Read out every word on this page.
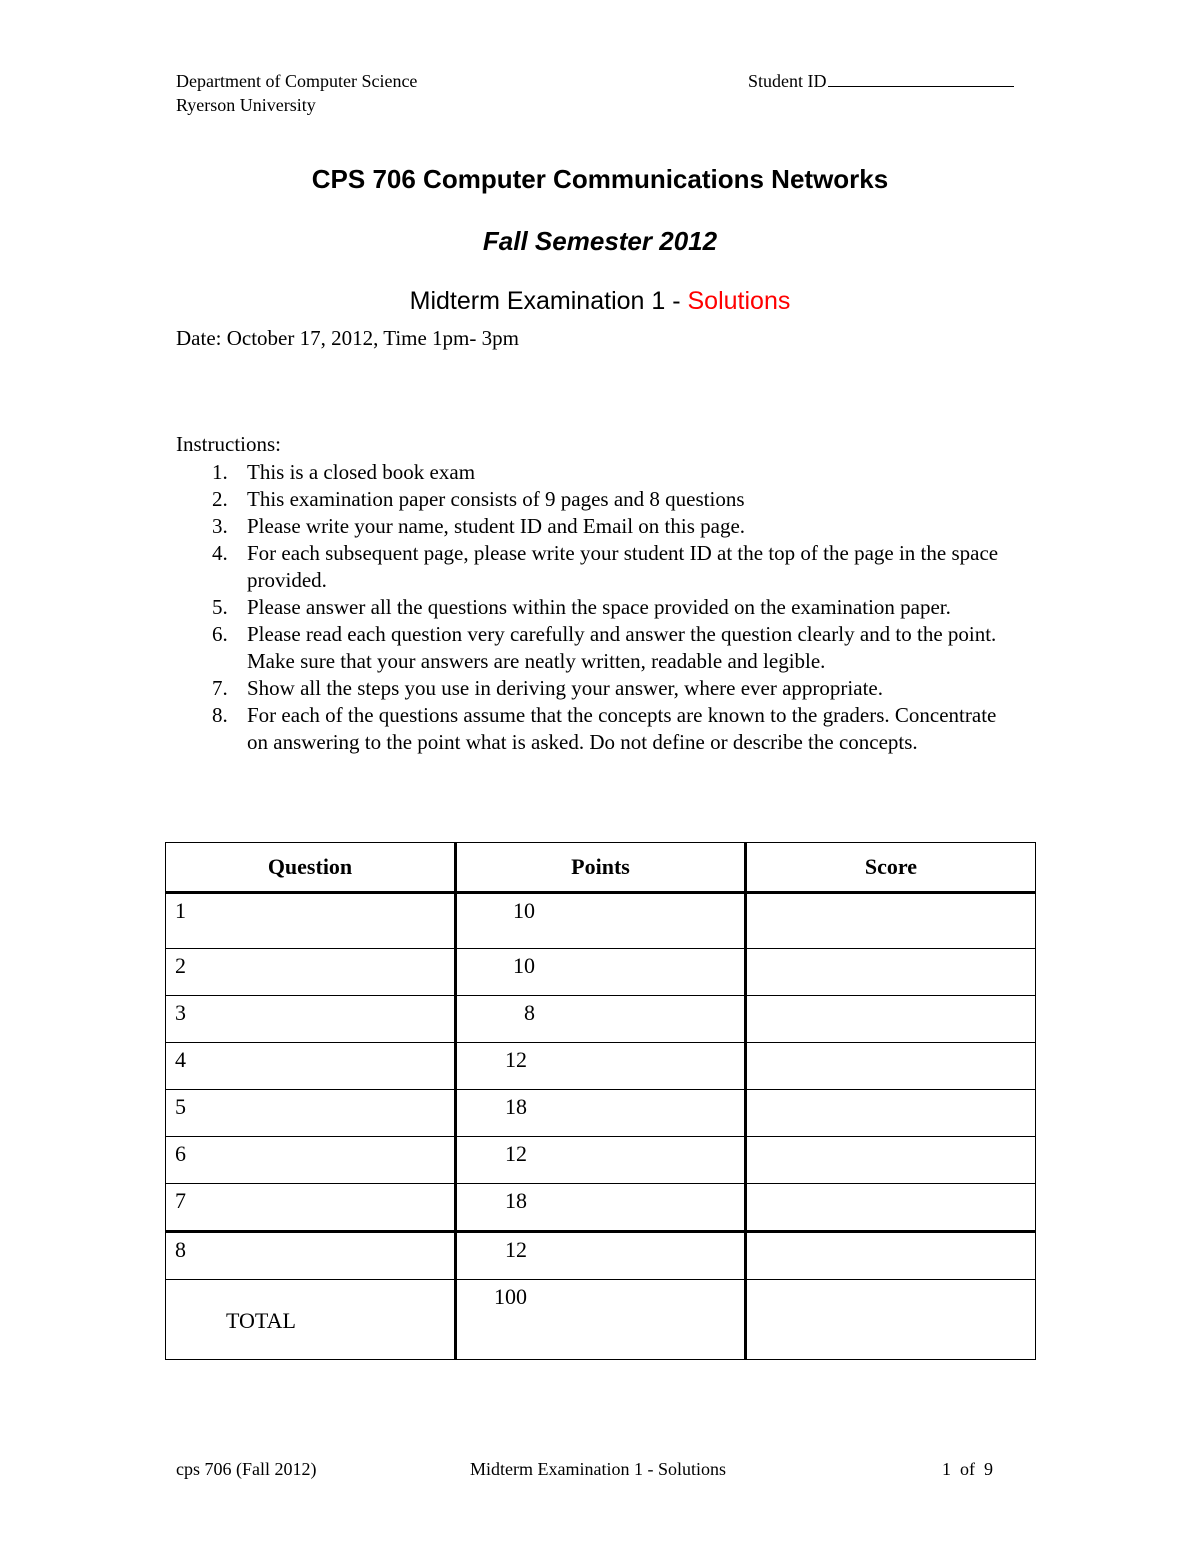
Department of Computer Science
Ryerson University
Student ID
CPS 706 Computer Communications Networks
Fall Semester 2012
Midterm Examination 1 - Solutions
Date: October 17, 2012, Time 1pm- 3pm
Instructions:
1. This is a closed book exam
2. This examination paper consists of 9 pages and 8 questions
3. Please write your name, student ID and Email on this page.
4. For each subsequent page, please write your student ID at the top of the page in the space provided.
5. Please answer all the questions within the space provided on the examination paper.
6. Please read each question very carefully and answer the question clearly and to the point. Make sure that your answers are neatly written, readable and legible.
7. Show all the steps you use in deriving your answer, where ever appropriate.
8. For each of the questions assume that the concepts are known to the graders. Concentrate on answering to the point what is asked. Do not define or describe the concepts.
Question	Points	Score
1	10	
2	10	
3	8	
4	12	
5	18	
6	12	
7	18	
8	12	

TOTAL	100	
cps 706 (Fall 2012)	Midterm Examination 1 - Solutions	1  of  9
